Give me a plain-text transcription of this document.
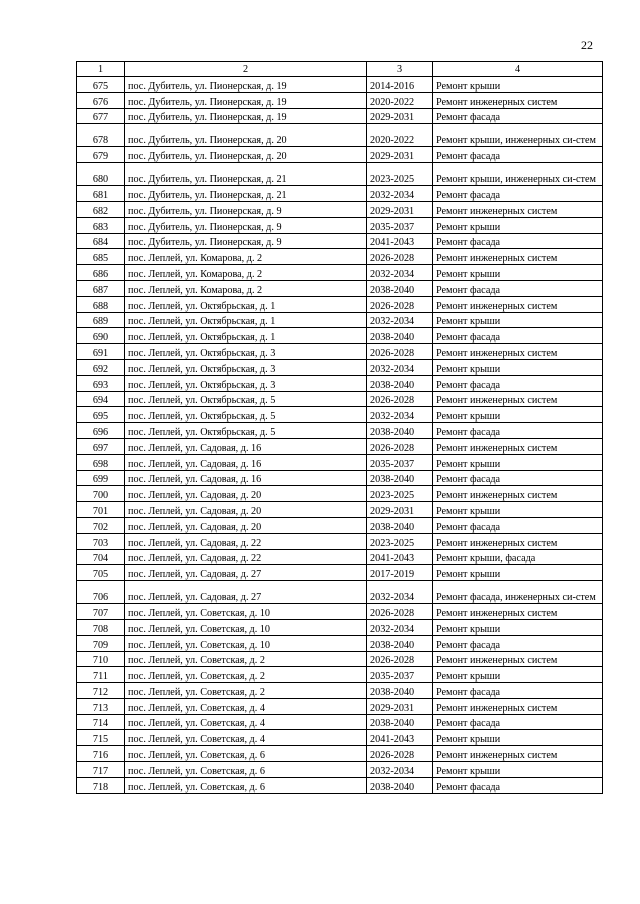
22
1	2	3	4
675	пос. Дубитель, ул. Пионерская, д. 19	2014-2016	Ремонт крыши
676	пос. Дубитель, ул. Пионерская, д. 19	2020-2022	Ремонт инженерных систем
677	пос. Дубитель, ул. Пионерская, д. 19	2029-2031	Ремонт фасада
678	пос. Дубитель, ул. Пионерская, д. 20	2020-2022	Ремонт крыши, инженерных си-стем
679	пос. Дубитель, ул. Пионерская, д. 20	2029-2031	Ремонт фасада
680	пос. Дубитель, ул. Пионерская, д. 21	2023-2025	Ремонт крыши, инженерных си-стем
681	пос. Дубитель, ул. Пионерская, д. 21	2032-2034	Ремонт фасада
682	пос. Дубитель, ул. Пионерская, д. 9	2029-2031	Ремонт инженерных систем
683	пос. Дубитель, ул. Пионерская, д. 9	2035-2037	Ремонт крыши
684	пос. Дубитель, ул. Пионерская, д. 9	2041-2043	Ремонт фасада
685	пос. Леплей, ул. Комарова, д. 2	2026-2028	Ремонт инженерных систем
686	пос. Леплей, ул. Комарова, д. 2	2032-2034	Ремонт крыши
687	пос. Леплей, ул. Комарова, д. 2	2038-2040	Ремонт фасада
688	пос. Леплей, ул. Октябрьская, д. 1	2026-2028	Ремонт инженерных систем
689	пос. Леплей, ул. Октябрьская, д. 1	2032-2034	Ремонт крыши
690	пос. Леплей, ул. Октябрьская, д. 1	2038-2040	Ремонт фасада
691	пос. Леплей, ул. Октябрьская, д. 3	2026-2028	Ремонт инженерных систем
692	пос. Леплей, ул. Октябрьская, д. 3	2032-2034	Ремонт крыши
693	пос. Леплей, ул. Октябрьская, д. 3	2038-2040	Ремонт фасада
694	пос. Леплей, ул. Октябрьская, д. 5	2026-2028	Ремонт инженерных систем
695	пос. Леплей, ул. Октябрьская, д. 5	2032-2034	Ремонт крыши
696	пос. Леплей, ул. Октябрьская, д. 5	2038-2040	Ремонт фасада
697	пос. Леплей, ул. Садовая, д. 16	2026-2028	Ремонт инженерных систем
698	пос. Леплей, ул. Садовая, д. 16	2035-2037	Ремонт крыши
699	пос. Леплей, ул. Садовая, д. 16	2038-2040	Ремонт фасада
700	пос. Леплей, ул. Садовая, д. 20	2023-2025	Ремонт инженерных систем
701	пос. Леплей, ул. Садовая, д. 20	2029-2031	Ремонт крыши
702	пос. Леплей, ул. Садовая, д. 20	2038-2040	Ремонт фасада
703	пос. Леплей, ул. Садовая, д. 22	2023-2025	Ремонт инженерных систем
704	пос. Леплей, ул. Садовая, д. 22	2041-2043	Ремонт крыши, фасада
705	пос. Леплей, ул. Садовая, д. 27	2017-2019	Ремонт крыши
706	пос. Леплей, ул. Садовая, д. 27	2032-2034	Ремонт фасада, инженерных си-стем
707	пос. Леплей, ул. Советская, д. 10	2026-2028	Ремонт инженерных систем
708	пос. Леплей, ул. Советская, д. 10	2032-2034	Ремонт крыши
709	пос. Леплей, ул. Советская, д. 10	2038-2040	Ремонт фасада
710	пос. Леплей, ул. Советская, д. 2	2026-2028	Ремонт инженерных систем
711	пос. Леплей, ул. Советская, д. 2	2035-2037	Ремонт крыши
712	пос. Леплей, ул. Советская, д. 2	2038-2040	Ремонт фасада
713	пос. Леплей, ул. Советская, д. 4	2029-2031	Ремонт инженерных систем
714	пос. Леплей, ул. Советская, д. 4	2038-2040	Ремонт фасада
715	пос. Леплей, ул. Советская, д. 4	2041-2043	Ремонт крыши
716	пос. Леплей, ул. Советская, д. 6	2026-2028	Ремонт инженерных систем
717	пос. Леплей, ул. Советская, д. 6	2032-2034	Ремонт крыши
718	пос. Леплей, ул. Советская, д. 6	2038-2040	Ремонт фасада
